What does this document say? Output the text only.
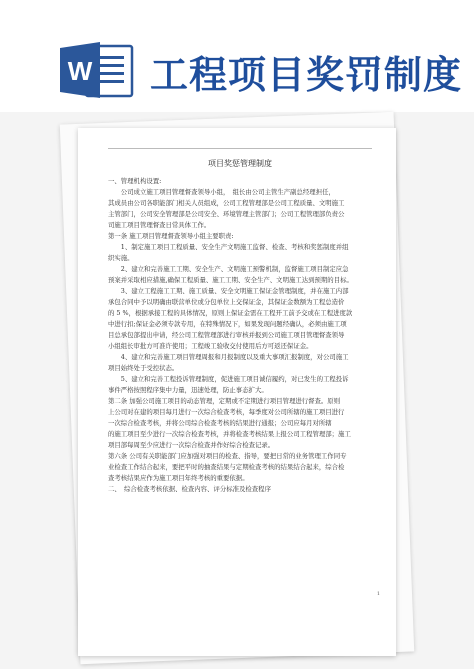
W 工程项目奖罚制度
项目奖惩管理制度
一、管理机构设置:
　　公司成立施工项目管理督查领导小组，　组长由公司主管生产副总经理担任，
其成员由公司各职能部门相关人员组成，公司工程管理部是公司工程质量、文明施工
主管部门，公司安全管理部是公司安全、环境管理主管部门；公司工程管理部负责公
司施工项目管理督查日常具体工作。
第一条 施工项目管理督查领导小组主要职责:
　　1、制定施工项目工程质量、安全生产文明施工监督、检查、考核和奖惩制度并组
织实施。
　　2、建立和完善施工工期、安全生产、文明施工预警机制，监督施工项目制定应急
预案并采取相应措施,确保工程质量、施工工期、安全生产、文明施工达到预期的目标。
　　3、建立工程施工工期、施工质量、安全文明施工保证金管理制度，并在施工内部
承包合同中予以明确由联营单位或分包单位上交保证金，其保证金数额为工程总造价
的 5 %，根据承接工程的具体情况，原则上保证金需在工程开工前予交或在工程进度款
中进行扣;保证金必须专款专用，在特殊情况下，如果发现问题经确认，必须由施工项
目总承包部提出申请，经公司工程管理部进行审核并报到公司施工项目管理督查领导
小组组长审批方可准许使用；工程竣工验收交付使用后方可返还保证金。
　　4、建立和完善施工项目管理周报和月报制度以及重大事项汇报制度，对公司施工
项目始终处于受控状态。
　　5、建立和完善工程投诉管理制度，促进施工项目诚信履约，对已发生的工程投诉
事件严格按照程序集中力量，迅速处理，防止事态扩大。
第二条 加强公司施工项目的动态管理，定期或不定期进行项目管理进行督查。原则
上公司对在建的项目每月进行一次综合检查考核，每季度对公司所辖的施工项目进行
一次综合检查考核，并将公司综合检查考核的结果进行通报；公司应每月对所辖
的施工项目至少进行一次综合检查考核，并将检查考核结果上报公司工程管理部；施工
项目部每周至少应进行一次综合检查并作好综合检查记录。
第六条 公司有关职能部门应加强对项目的检查、指导，要把日常的业务管理工作同专
业检查工作结合起来，要把平时的抽查结果与定期检查考核的结果结合起来，综合检
查考核结果应作为施工项目年终考核的重要依据。
二、　综合检查考核依据、检查内容、评分标准及检查程序
1
